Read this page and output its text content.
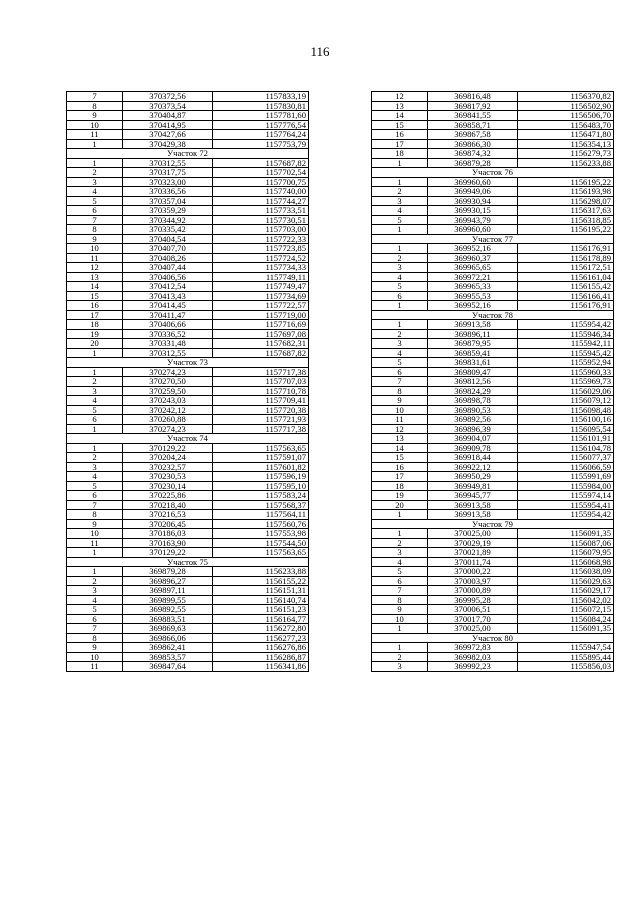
116
7	370372,56	1157833,19
8	370373,54	1157830,81
9	370404,87	1157781,60
10	370414,95	1157776,54
11	370427,66	1157764,24
1	370429,38	1157753,79
Участок 72		
1	370312,55	1157687,82
2	370317,75	1157702,54
3	370323,00	1157700,75
4	370336,56	1157740,00
5	370357,04	1157744,27
6	370359,29	1157733,51
7	370344,92	1157730,51
8	370335,42	1157703,00
9	370404,54	1157722,33
10	370407,70	1157723,85
11	370408,26	1157724,52
12	370407,44	1157734,33
13	370406,56	1157749,11
14	370412,54	1157749,47
15	370413,43	1157734,69
16	370414,45	1157722,57
17	370411,47	1157719,00
18	370406,66	1157716,69
19	370336,52	1157697,08
20	370331,48	1157682,31
1	370312,55	1157687,82
Участок 73		
1	370274,23	1157717,38
2	370270,50	1157707,03
3	370259,50	1157710,78
4	370243,03	1157709,41
5	370242,12	1157720,38
6	370260,88	1157721,93
1	370274,23	1157717,38
Участок 74		
1	370129,22	1157563,65
2	370204,24	1157591,07
3	370232,57	1157601,82
4	370230,53	1157596,19
5	370230,14	1157595,10
6	370225,86	1157583,24
7	370218,40	1157568,37
8	370216,53	1157564,11
9	370206,45	1157560,76
10	370186,03	1157553,98
11	370163,90	1157544,50
1	370129,22	1157563,65
Участок 75		
1	369879,28	1156233,88
2	369896,27	1156155,22
3	369897,11	1156151,31
4	369899,55	1156140,74
5	369892,55	1156151,23
6	369883,51	1156164,77
7	369869,63	1156272,80
8	369866,06	1156277,23
9	369862,41	1156276,86
10	369853,57	1156286,87
11	369847,64	1156341,86
12	369816,48	1156370,82
13	369817,92	1156502,90
14	369841,55	1156506,70
15	369858,71	1156483,70
16	369867,58	1156471,80
17	369866,30	1156354,13
18	369874,32	1156279,73
1	369879,28	1156233,88
Участок 76		
1	369960,60	1156195,22
2	369949,06	1156193,98
3	369930,94	1156298,07
4	369930,15	1156317,63
5	369943,79	1156318,85
1	369960,60	1156195,22
Участок 77		
1	369952,16	1156176,91
2	369960,37	1156178,89
3	369965,65	1156172,51
4	369972,21	1156161,04
5	369965,33	1156155,42
6	369955,53	1156166,41
1	369952,16	1156176,91
Участок 78		
1	369913,58	1155954,42
2	369896,11	1155946,34
3	369879,95	1155942,11
4	369859,41	1155945,42
5	369831,61	1155952,94
6	369809,47	1155960,33
7	369812,56	1155969,73
8	369824,29	1156029,06
9	369898,78	1156079,12
10	369890,53	1156098,48
11	369892,56	1156100,16
12	369896,39	1156095,54
13	369904,07	1156101,91
14	369909,78	1156104,78
15	369918,44	1156077,37
16	369922,12	1156066,59
17	369950,29	1155991,69
18	369949,81	1155984,00
19	369945,77	1155974,14
20	369913,58	1155954,41
1	369913,58	1155954,42
Участок 79		
1	370025,00	1156091,35
2	370029,19	1156087,06
3	370021,89	1156079,95
4	370011,74	1156068,98
5	370000,22	1156038,09
6	370003,97	1156029,63
7	370000,89	1156029,17
8	369995,28	1156042,02
9	370006,51	1156072,15
10	370017,70	1156084,24
1	370025,00	1156091,35
Участок 80		
1	369972,83	1155947,54
2	369982,03	1155895,44
3	369992,23	1155856,03
